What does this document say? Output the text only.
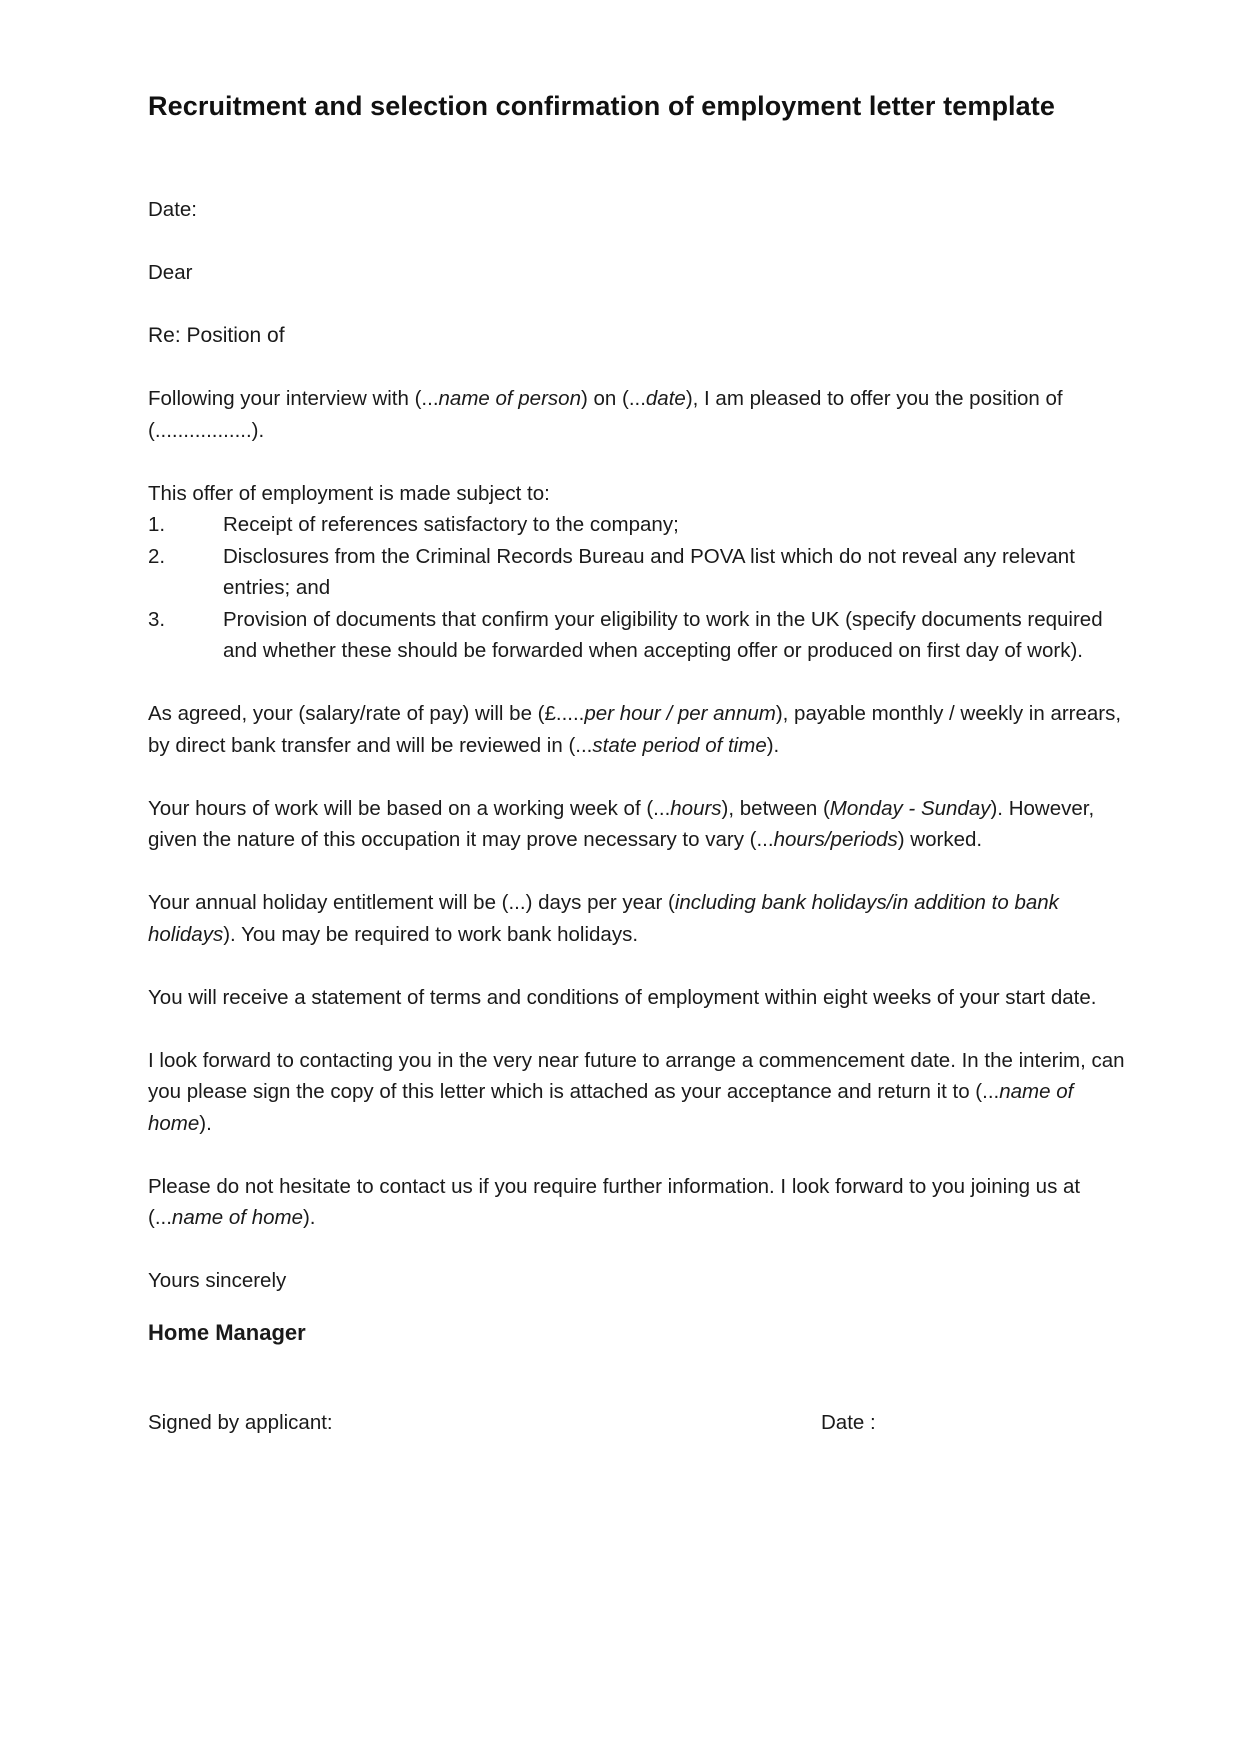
Recruitment and selection confirmation of employment letter template

Date:

Dear

Re: Position of

Following your interview with (...name of person) on (...date), I am pleased to offer you the position of (.................).

This offer of employment is made subject to:

1.	Receipt of references satisfactory to the company;
2.	Disclosures from the Criminal Records Bureau and POVA list which do not reveal any relevant entries; and
3.	Provision of documents that confirm your eligibility to work in the UK (specify documents required and whether these should be forwarded when accepting offer or produced on first day of work).

As agreed, your (salary/rate of pay) will be (£.....per hour / per annum), payable monthly / weekly in arrears, by direct bank transfer and will be reviewed in (...state period of time).

Your hours of work will be based on a working week of (...hours), between (Monday - Sunday). However, given the nature of this occupation it may prove necessary to vary (...hours/periods) worked.

Your annual holiday entitlement will be (...) days per year (including bank holidays/in addition to bank holidays). You may be required to work bank holidays.

You will receive a statement of terms and conditions of employment within eight weeks of your start date.

I look forward to contacting you in the very near future to arrange a commencement date. In the interim, can you please sign the copy of this letter which is attached as your acceptance and return it to (...name of home).

Please do not hesitate to contact us if you require further information. I look forward to you joining us at (...name of home).

Yours sincerely

Home Manager

Signed by applicant:	Date :
